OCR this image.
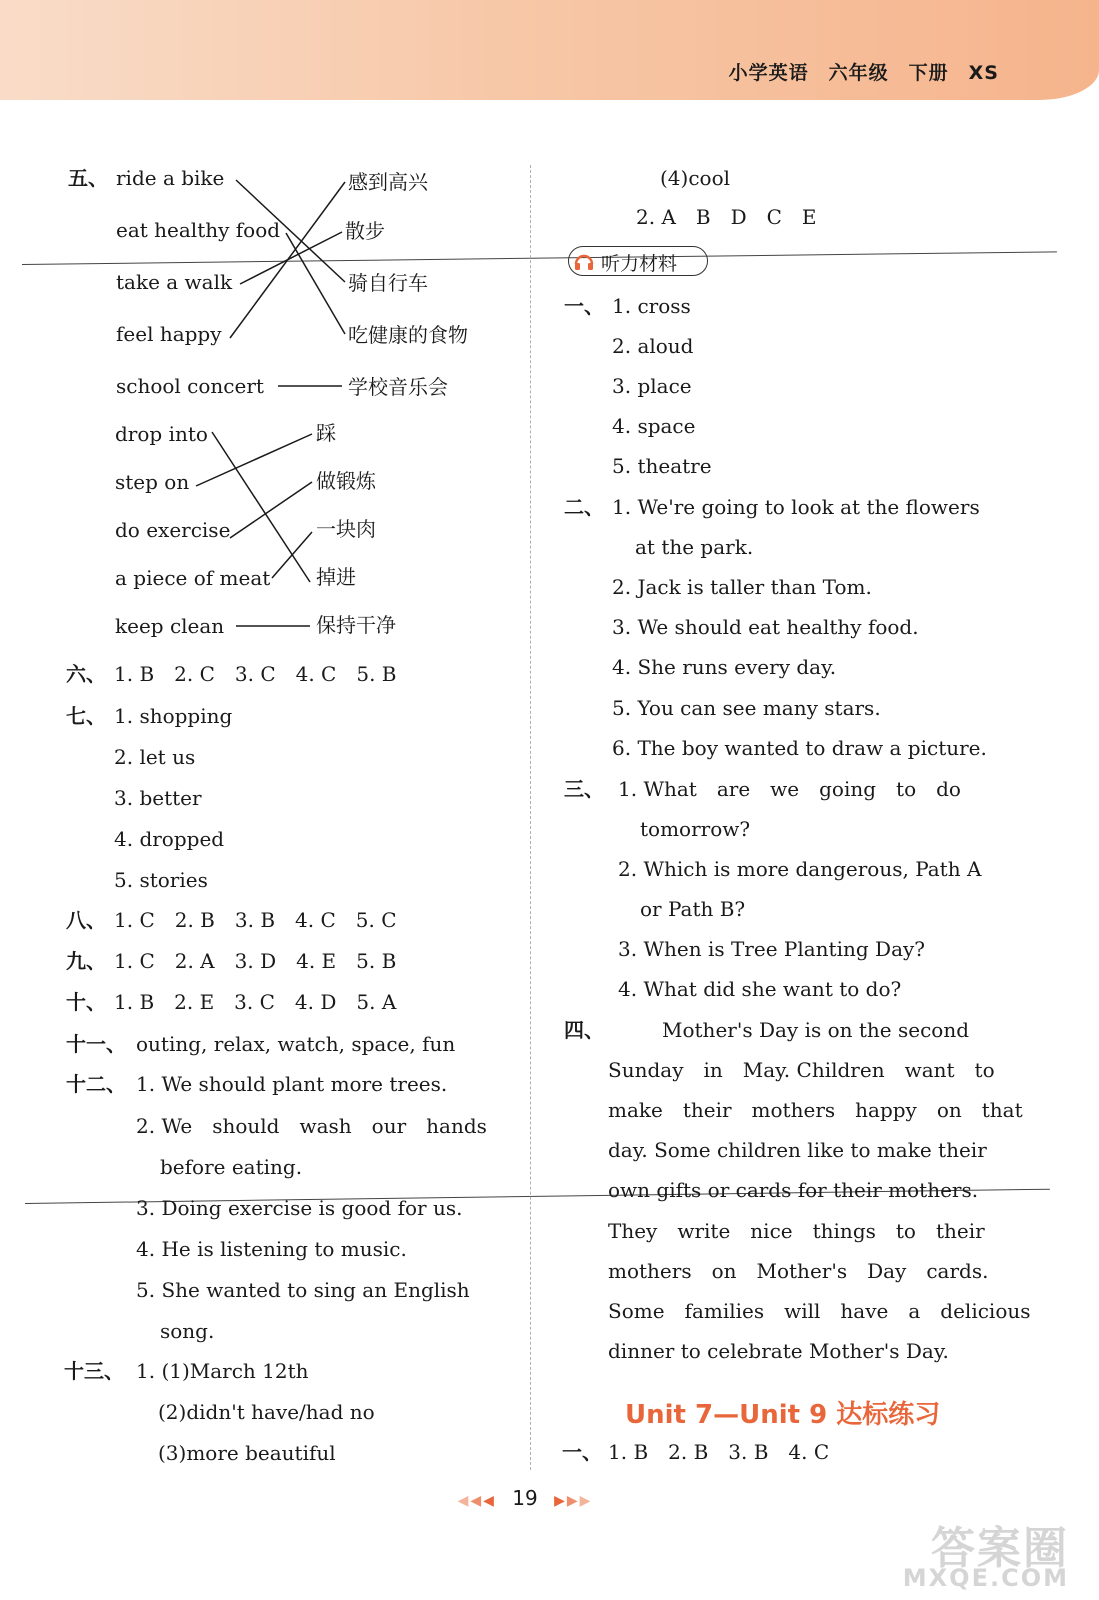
小学英语　六年级　下册　XS
五、 ride a bike
eat healthy food
take a walk
feel happy
school concert
感到高兴
散步
骑自行车
吃健康的食物
学校音乐会
drop into
step on
do exercise
a piece of meat
keep clean
踩
做锻炼
一块肉
掉进
保持干净
六、 1. B　2. C　3. C　4. C　5. B
七、 1. shopping
2. let us
3. better
4. dropped
5. stories
八、 1. C　2. B　3. B　4. C　5. C
九、 1. C　2. A　3. D　4. E　5. B
十、 1. B　2. E　3. C　4. D　5. A
十一、 outing, relax, watch, space, fun
十二、 1. We should plant more trees.
2. We　should　wash　our　hands
before eating.
3. Doing exercise is good for us.
4. He is listening to music.
5. She wanted to sing an English
song.
十三、 1. (1)March 12th
(2)didn't have/had no
(3)more beautiful
(4)cool
2. A　B　D　C　E
听力材料
一、 1. cross
2. aloud
3. place
4. space
5. theatre
二、 1. We're going to look at the flowers
at the park.
2. Jack is taller than Tom.
3. We should eat healthy food.
4. She runs every day.
5. You can see many stars.
6. The boy wanted to draw a picture.
三、 1. What　are　we　going　to　do
tomorrow?
2. Which is more dangerous, Path A
or Path B?
3. When is Tree Planting Day?
4. What did she want to do?
四、	Mother's Day is on the second
Sunday　in　May. Children　want　to
make　their　mothers　happy　on　that
day. Some children like to make their
own gifts or cards for their mothers.
They　write　nice　things　to　their
mothers　on　Mother's　Day　cards.
Some　families　will　have　a　delicious
dinner to celebrate Mother's Day.
Unit 7—Unit 9 达标练习
一、 1. B　2. B　3. B　4. C
◀◀◀ 19 ▶▶▶
答案圈
MXQE.COM
